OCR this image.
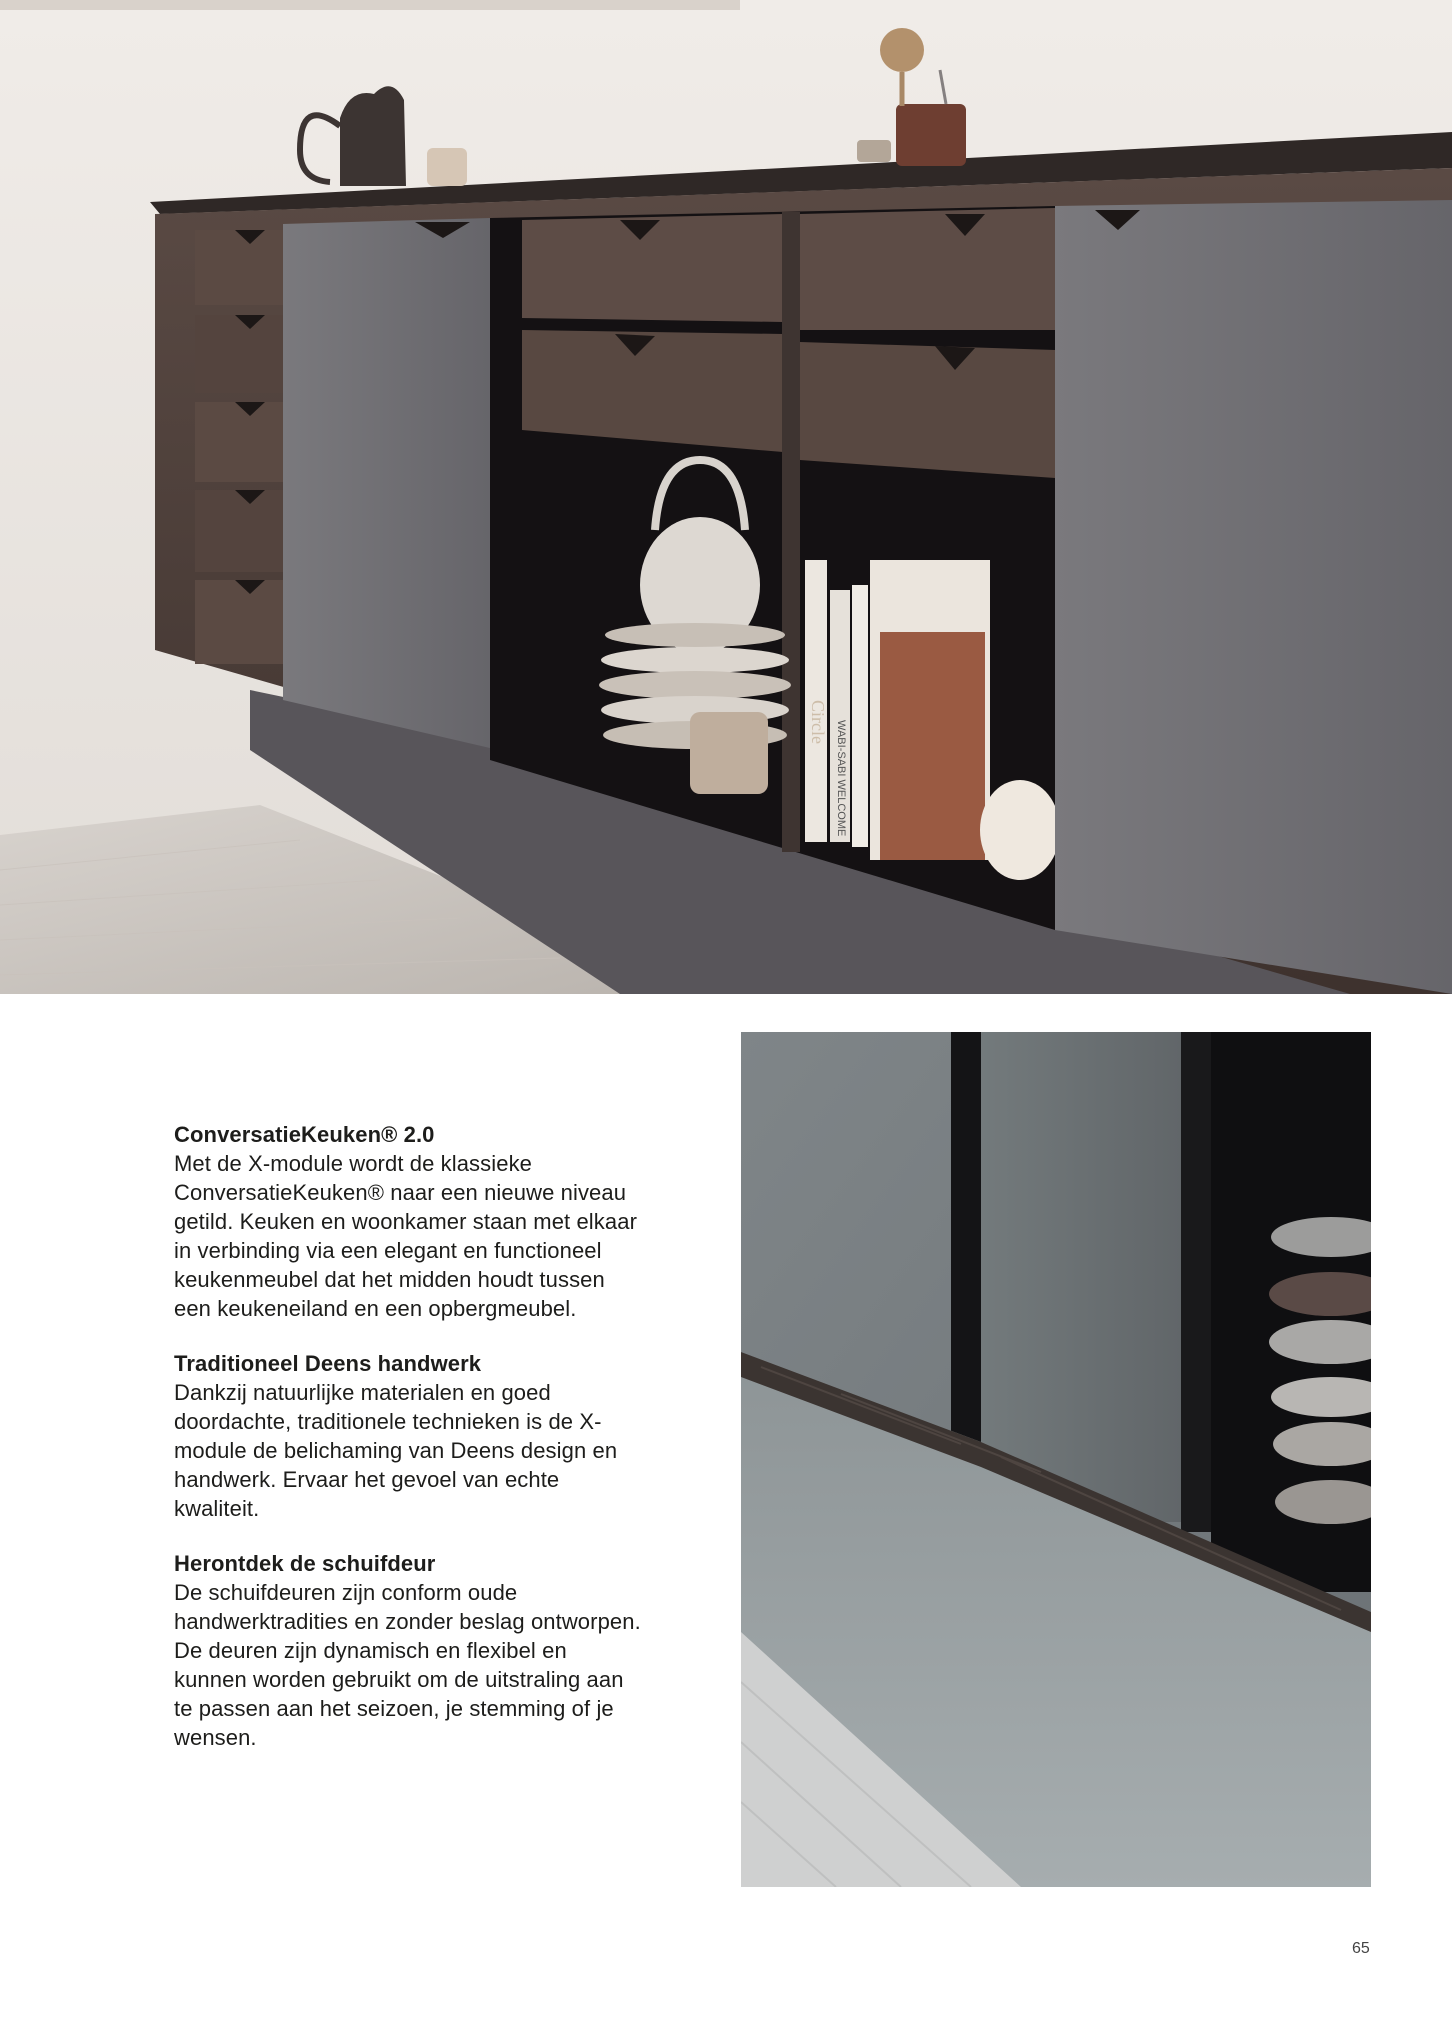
WABI-SABI WELCOME
Circle
ConversatieKeuken® 2.0

Met de X-module wordt de klassieke ConversatieKeuken® naar een nieuwe niveau getild. Keuken en woonkamer staan met elkaar in verbinding via een elegant en functioneel keukenmeubel dat het midden houdt tussen een keukeneiland en een opbergmeubel.

Traditioneel Deens handwerk

Dankzij natuurlijke materialen en goed doordachte, traditionele technieken is de X-module de belichaming van Deens design en handwerk. Ervaar het gevoel van echte kwaliteit.

Herontdek de schuifdeur

De schuifdeuren zijn conform oude handwerktradities en zonder beslag ontworpen. De deuren zijn dynamisch en flexibel en kunnen worden gebruikt om de uitstraling aan te passen aan het seizoen, je stemming of je wensen.

65
